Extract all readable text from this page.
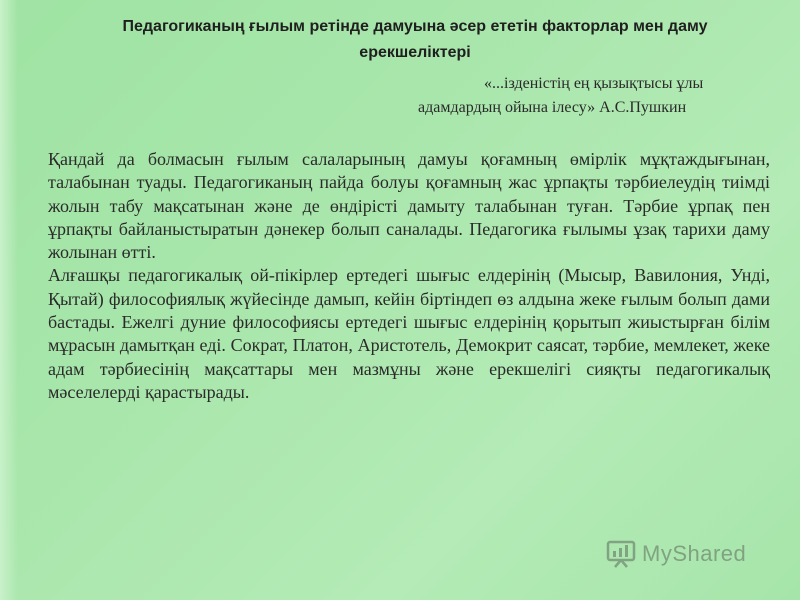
Педагогиканың ғылым ретінде дамуына әсер ететін факторлар мен даму ерекшеліктері
«...ізденістің ең қызықтысы ұлы
адамдардың ойына ілесу» А.С.Пушкин

Қандай да болмасын ғылым салаларының дамуы қоғамның өмірлік мұқтаждығынан, талабынан туады. Педагогиканың пайда болуы қоғамның жас ұрпақты тәрбиелеудің тиімді жолын табу мақсатынан және де өндірісті дамыту талабынан туған. Тәрбие ұрпақ пен ұрпақты байланыстыратын дәнекер болып саналады. Педагогика ғылымы ұзақ тарихи даму жолынан өтті.

Алғашқы педагогикалық ой-пікірлер ертедегі шығыс елдерінің (Мысыр, Вавилония, Унді, Қытай) философиялық жүйесінде дамып, кейін біртіндеп өз алдына жеке ғылым болып дами бастады. Ежелгі дуние философиясы ертедегі шығыс елдерінің қорытып жиыстырған білім мұрасын дамытқан еді. Сократ, Платон, Аристотель, Демокрит саясат, тәрбие, мемлекет, жеке адам тәрбиесінің мақсаттары мен мазмұны және ерекшелігі сияқты педагогикалық мәселелерді қарастырады.

MyShared
